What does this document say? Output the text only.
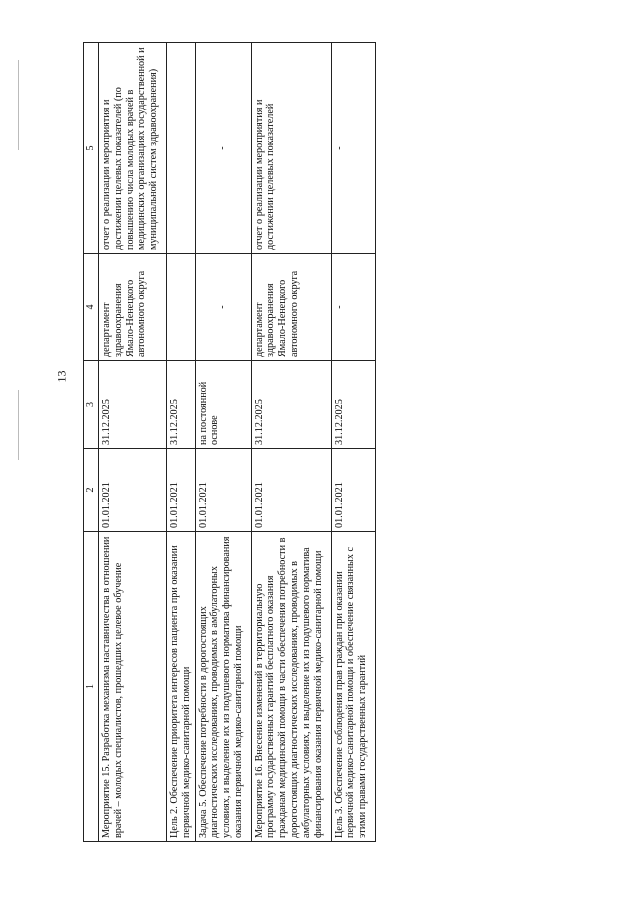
13
1	2	3	4	5
Мероприятие 15. Разработка механизма наставничества в отношении врачей – молодых специалистов, прошедших целевое обучение	01.01.2021	31.12.2025	департамент здравоохранения Ямало-Ненецкого автономного округа	отчет о реализации мероприятия и достижении целевых показателей (по повышению числа молодых врачей в медицинских организациях государственной и муниципальной систем здравоохранения)
Цель 2. Обеспечение приоритета интересов пациента при оказании первичной медико-санитарной помощи	01.01.2021	31.12.2025		
Задача 5. Обеспечение потребности в дорогостоящих диагностических исследованиях, проводимых в амбулаторных условиях, и выделение их из подушевого норматива финансирования оказания первичной медико-санитарной помощи	01.01.2021	на постоянной основе	-	-
Мероприятие 16. Внесение изменений в территориальную программу государственных гарантий бесплатного оказания гражданам медицинской помощи в части обеспечения потребности в дорогостоящих диагностических исследованиях, проводимых в амбулаторных условиях, и выделение их из подушевого норматива финансирования оказания первичной медико-санитарной помощи	01.01.2021	31.12.2025	департамент здравоохранения Ямало-Ненецкого автономного округа	отчет о реализации мероприятия и достижении целевых показателей
Цель 3. Обеспечение соблюдения прав граждан при оказании первичной медико-санитарной помощи и обеспечение связанных с этими правами государственных гарантий	01.01.2021	31.12.2025	-	-
